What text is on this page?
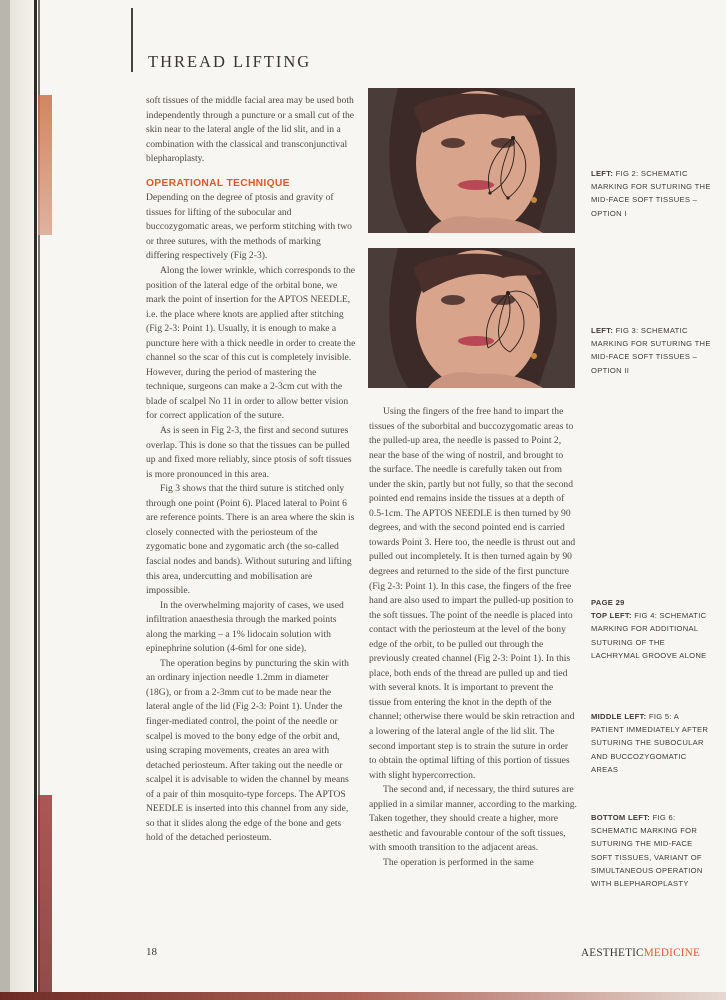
THREAD LIFTING

soft tissues of the middle facial area may be used both independently through a puncture or a small cut of the skin near to the lateral angle of the lid slit, and in a combination with the classical and transconjunctival blepharoplasty.

OPERATIONAL TECHNIQUE

Depending on the degree of ptosis and gravity of tissues for lifting of the subocular and buccozygomatic areas, we perform stitching with two or three sutures, with the methods of marking differing respectively (Fig 2-3).

Along the lower wrinkle, which corresponds to the position of the lateral edge of the orbital bone, we mark the point of insertion for the APTOS NEEDLE, i.e. the place where knots are applied after stitching (Fig 2-3: Point 1). Usually, it is enough to make a puncture here with a thick needle in order to create the channel so the scar of this cut is completely invisible. However, during the period of mastering the technique, surgeons can make a 2-3cm cut with the blade of scalpel No 11 in order to allow better vision for correct application of the suture.

As is seen in Fig 2-3, the first and second sutures overlap. This is done so that the tissues can be pulled up and fixed more reliably, since ptosis of soft tissues is more pronounced in this area.

Fig 3 shows that the third suture is stitched only through one point (Point 6). Placed lateral to Point 6 are reference points. There is an area where the skin is closely connected with the periosteum of the zygomatic bone and zygomatic arch (the so-called fascial nodes and bands). Without suturing and lifting this area, undercutting and mobilisation are impossible.

In the overwhelming majority of cases, we used infiltration anaesthesia through the marked points along the marking – a 1% lidocain solution with epinephrine solution (4-6ml for one side).

The operation begins by puncturing the skin with an ordinary injection needle 1.2mm in diameter (18G), or from a 2-3mm cut to be made near the lateral angle of the lid (Fig 2-3: Point 1). Under the finger-mediated control, the point of the needle or scalpel is moved to the bony edge of the orbit and, using scraping movements, creates an area with detached periosteum. After taking out the needle or scalpel it is advisable to widen the channel by means of a pair of thin mosquito-type forceps. The APTOS NEEDLE is inserted into this channel from any side, so that it slides along the edge of the bone and gets hold of the detached periosteum.

Using the fingers of the free hand to impart the tissues of the suborbital and buccozygomatic areas to the pulled-up area, the needle is passed to Point 2, near the base of the wing of nostril, and brought to the surface. The needle is carefully taken out from under the skin, partly but not fully, so that the second pointed end remains inside the tissues at a depth of 0.5-1cm. The APTOS NEEDLE is then turned by 90 degrees, and with the second pointed end is carried towards Point 3. Here too, the needle is thrust out and pulled out incompletely. It is then turned again by 90 degrees and returned to the side of the first puncture (Fig 2-3: Point 1). In this case, the fingers of the free hand are also used to impart the pulled-up position to the soft tissues. The point of the needle is placed into contact with the periosteum at the level of the bony edge of the orbit, to be pulled out through the previously created channel (Fig 2-3: Point 1). In this place, both ends of the thread are pulled up and tied with several knots. It is important to prevent the tissue from entering the knot in the depth of the channel; otherwise there would be skin retraction and a lowering of the lateral angle of the lid slit. The second important step is to strain the suture in order to obtain the optimal lifting of this portion of tissues with slight hypercorrection.

The second and, if necessary, the third sutures are applied in a similar manner, according to the marking. Taken together, they should create a higher, more aesthetic and favourable contour of the soft tissues, with smooth transition to the adjacent areas.

The operation is performed in the same

LEFT: FIG 2: SCHEMATIC MARKING FOR SUTURING THE MID-FACE SOFT TISSUES – OPTION I
LEFT: FIG 3: SCHEMATIC MARKING FOR SUTURING THE MID-FACE SOFT TISSUES – OPTION II
PAGE 29
TOP LEFT: FIG 4: SCHEMATIC MARKING FOR ADDITIONAL SUTURING OF THE LACHRYMAL GROOVE ALONE
MIDDLE LEFT: FIG 5: A PATIENT IMMEDIATELY AFTER SUTURING THE SUBOCULAR AND BUCCOZYGOMATIC AREAS
BOTTOM LEFT: FIG 6: SCHEMATIC MARKING FOR SUTURING THE MID-FACE SOFT TISSUES, VARIANT OF SIMULTANEOUS OPERATION WITH BLEPHAROPLASTY
18	AESTHETICMEDICINE
